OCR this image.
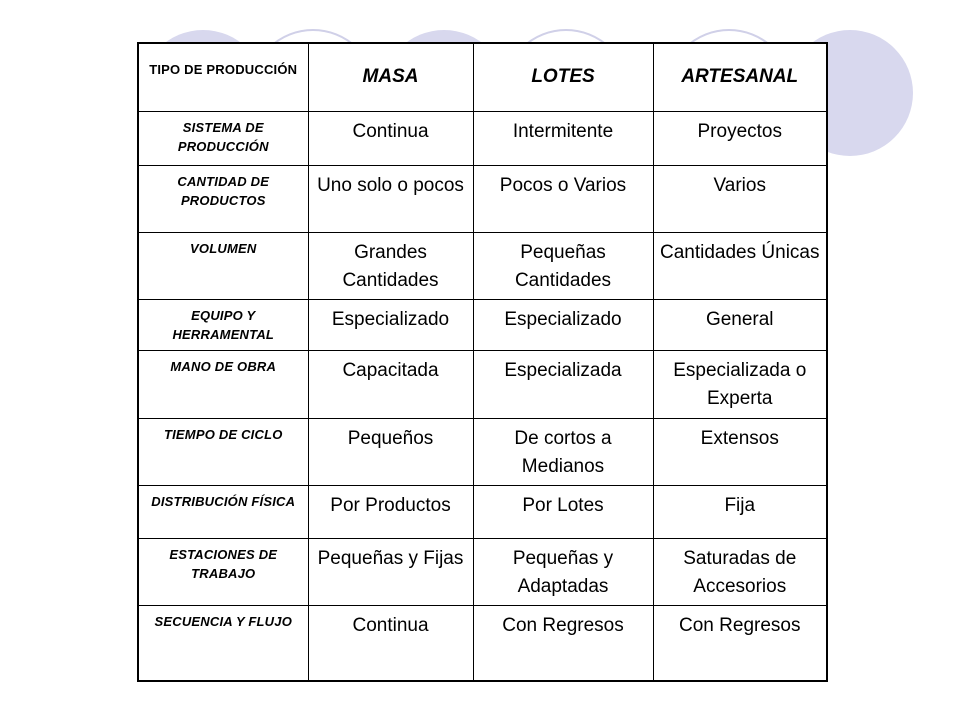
TIPO DE PRODUCCIÓN	MASA	LOTES	ARTESANAL
SISTEMA DE PRODUCCIÓN	Continua	Intermitente	Proyectos
CANTIDAD DE PRODUCTOS	Uno solo o pocos	Pocos o Varios	Varios
VOLUMEN	Grandes Cantidades	Pequeñas Cantidades	Cantidades Únicas
EQUIPO Y HERRAMENTAL	Especializado	Especializado	General
MANO DE OBRA	Capacitada	Especializada	Especializada o Experta
TIEMPO DE CICLO	Pequeños	De cortos a Medianos	Extensos
DISTRIBUCIÓN FÍSICA	Por Productos	Por Lotes	Fija
ESTACIONES DE TRABAJO	Pequeñas y Fijas	Pequeñas y Adaptadas	Saturadas de Accesorios
SECUENCIA Y FLUJO	Continua	Con Regresos	Con Regresos
